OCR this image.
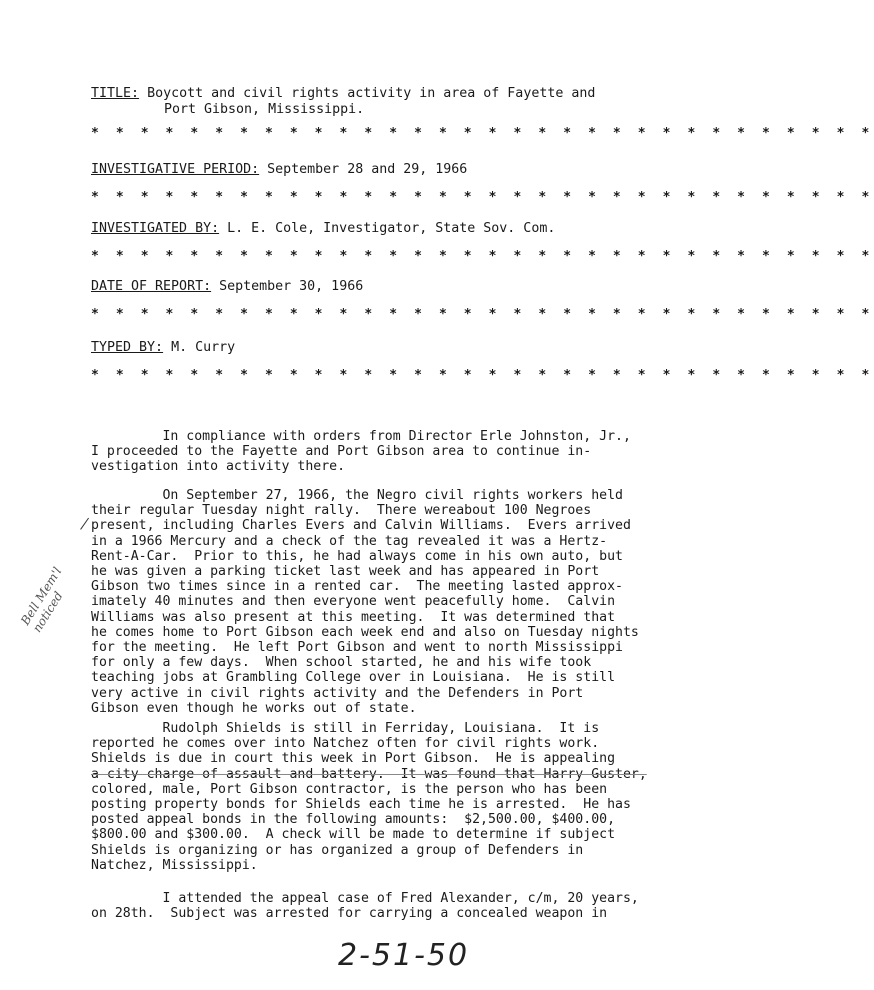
TITLE: Boycott and civil rights activity in area of Fayette and
Port Gibson, Mississippi.
* * * * * * * * * * * * * * * * * * * * * * * * * * * * * * * *
INVESTIGATIVE PERIOD: September 28 and 29, 1966
* * * * * * * * * * * * * * * * * * * * * * * * * * * * * * * *
INVESTIGATED BY: L. E. Cole, Investigator, State Sov. Com.
* * * * * * * * * * * * * * * * * * * * * * * * * * * * * * * *
DATE OF REPORT: September 30, 1966
* * * * * * * * * * * * * * * * * * * * * * * * * * * * * * * *
TYPED BY: M. Curry
* * * * * * * * * * * * * * * * * * * * * * * * * * * * * * * *
In compliance with orders from Director Erle Johnston, Jr.,
I proceeded to the Fayette and Port Gibson area to continue in-
vestigation into activity there.
On September 27, 1966, the Negro civil rights workers held
their regular Tuesday night rally.  There wereabout 100 Negroes
present, including Charles Evers and Calvin Williams.  Evers arrived
in a 1966 Mercury and a check of the tag revealed it was a Hertz-
Rent-A-Car.  Prior to this, he had always come in his own auto, but
he was given a parking ticket last week and has appeared in Port
Gibson two times since in a rented car.  The meeting lasted approx-
imately 40 minutes and then everyone went peacefully home.  Calvin
Williams was also present at this meeting.  It was determined that
he comes home to Port Gibson each week end and also on Tuesday nights
for the meeting.  He left Port Gibson and went to north Mississippi
for only a few days.  When school started, he and his wife took
teaching jobs at Grambling College over in Louisiana.  He is still
very active in civil rights activity and the Defenders in Port
Gibson even though he works out of state.
Rudolph Shields is still in Ferriday, Louisiana.  It is
reported he comes over into Natchez often for civil rights work.
Shields is due in court this week in Port Gibson.  He is appealing
a city charge of assault and battery.  It was found that Harry Guster,
colored, male, Port Gibson contractor, is the person who has been
posting property bonds for Shields each time he is arrested.  He has
posted appeal bonds in the following amounts:  $2,500.00, $400.00,
$800.00 and $300.00.  A check will be made to determine if subject
Shields is organizing or has organized a group of Defenders in
Natchez, Mississippi.
I attended the appeal case of Fred Alexander, c/m, 20 years,
on 28th.  Subject was arrested for carrying a concealed weapon in
Bell Mem'l
noticed
2-51-50
